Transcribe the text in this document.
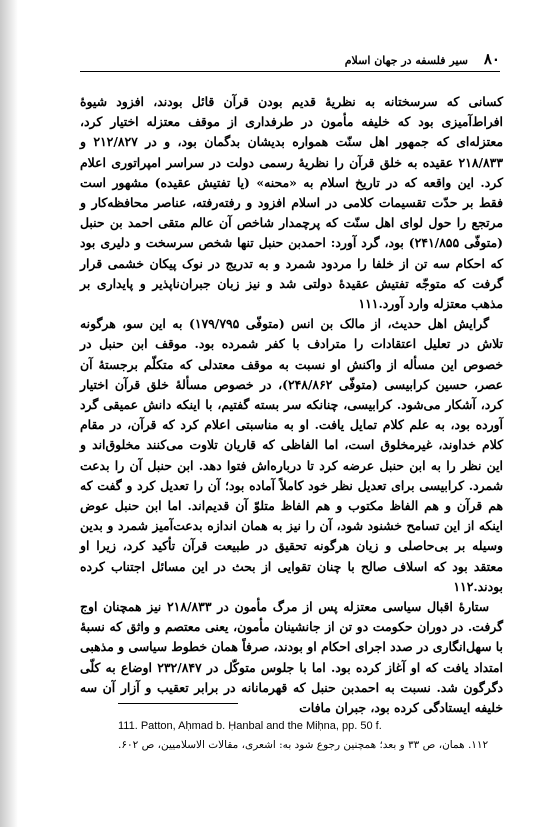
۸۰
سیر فلسفه در جهان اسلام

کسانی که سرسختانه به نظریۀ قدیم بودن قرآن قائل بودند، افزود شیوۀ افراط‌آمیزی بود که خلیفه مأمون در طرفداری از موقف معتزله اختیار کرد، معتزله‌ای که جمهور اهل سنّت همواره بدیشان بدگمان بود، و در ۲۱۲/۸۲۷ و ۲۱۸/۸۳۳ عقیده به خلق قرآن را نظریۀ رسمی دولت در سراسر امپراتوری اعلام کرد. این واقعه که در تاریخ اسلام به «محنه» (یا تفتیش عقیده) مشهور است فقط بر حدّت تقسیمات کلامی در اسلام افزود و رفته‌رفته، عناصر محافظه‌کار و مرتجع را حول لوای اهل سنّت که پرچمدار شاخص آن عالم متقی احمد بن حنبل (متوفّی ۲۴۱/۸۵۵) بود، گرد آورد: احمدبن حنبل تنها شخص سرسخت و دلیری بود که احکام سه تن از خلفا را مردود شمرد و به تدریج در نوک پیکان خشمی قرار گرفت که متوجّه تفتیش عقیدۀ دولتی شد و نیز زبان جبران‌ناپذیر و پایداری بر مذهب معتزله وارد آورد.۱۱۱

گرایش اهل حدیث، از مالک بن انس (متوفّی ۱۷۹/۷۹۵) به این سو، هرگونه تلاش در تعلیل اعتقادات را مترادف با کفر شمرده بود. موقف ابن حنبل در خصوص این مسأله از واکنش او نسبت به موقف معتدلی که متکلّم برجستۀ آن عصر، حسین کرابیسی (متوفّی ۲۴۸/۸۶۲)، در خصوص مسألۀ خلق قرآن اختیار کرد، آشکار می‌شود. کرابیسی، چنانکه سر بسته گفتیم، با اینکه دانش عمیقی گرد آورده بود، به علم کلام تمایل یافت. او به مناسبتی اعلام کرد که قرآن، در مقام کلام خداوند، غیرمخلوق است، اما الفاظی که قاریان تلاوت می‌کنند مخلوق‌اند و این نظر را به ابن حنبل عرضه کرد تا درباره‌اش فتوا دهد. ابن حنبل آن را بدعت شمرد. کرابیسی برای تعدیل نظر خود کاملاً آماده بود؛ آن را تعدیل کرد و گفت که هم قرآن و هم الفاظ مکتوب و هم الفاظ متلوّ آن قدیم‌اند. اما ابن حنبل عوض اینکه از این تسامح خشنود شود، آن را نیز به همان اندازه بدعت‌آمیز شمرد و بدین وسیله بر بی‌حاصلی و زیان هرگونه تحقیق در طبیعت قرآن تأکید کرد، زیرا او معتقد بود که اسلاف صالح با چنان تقوایی از بحث در این مسائل اجتناب کرده بودند.۱۱۲

ستارۀ اقبال سیاسی معتزله پس از مرگ مأمون در ۲۱۸/۸۳۳ نیز همچنان اوج گرفت. در دوران حکومت دو تن از جانشینان مأمون، یعنی معتصم و واثق که نسبۀ با سهل‌انگاری در صدد اجرای احکام او بودند، صرفاً همان خطوط سیاسی و مذهبی امتداد یافت که او آغاز کرده بود. اما با جلوس متوکّل در ۲۳۲/۸۴۷ اوضاع به کلّی دگرگون شد. نسبت به احمدبن حنبل که قهرمانانه در برابر تعقیب و آزار آن سه خلیفه ایستادگی کرده بود، جبران مافات

111. Patton, Aḥmad b. Ḥanbal and the Miḥna, pp. 50 f.
۱۱۲. همان، ص ۳۳ و بعد؛ همچنین رجوع شود به: اشعری، مقالات الاسلامیین، ص ۶۰۲.
